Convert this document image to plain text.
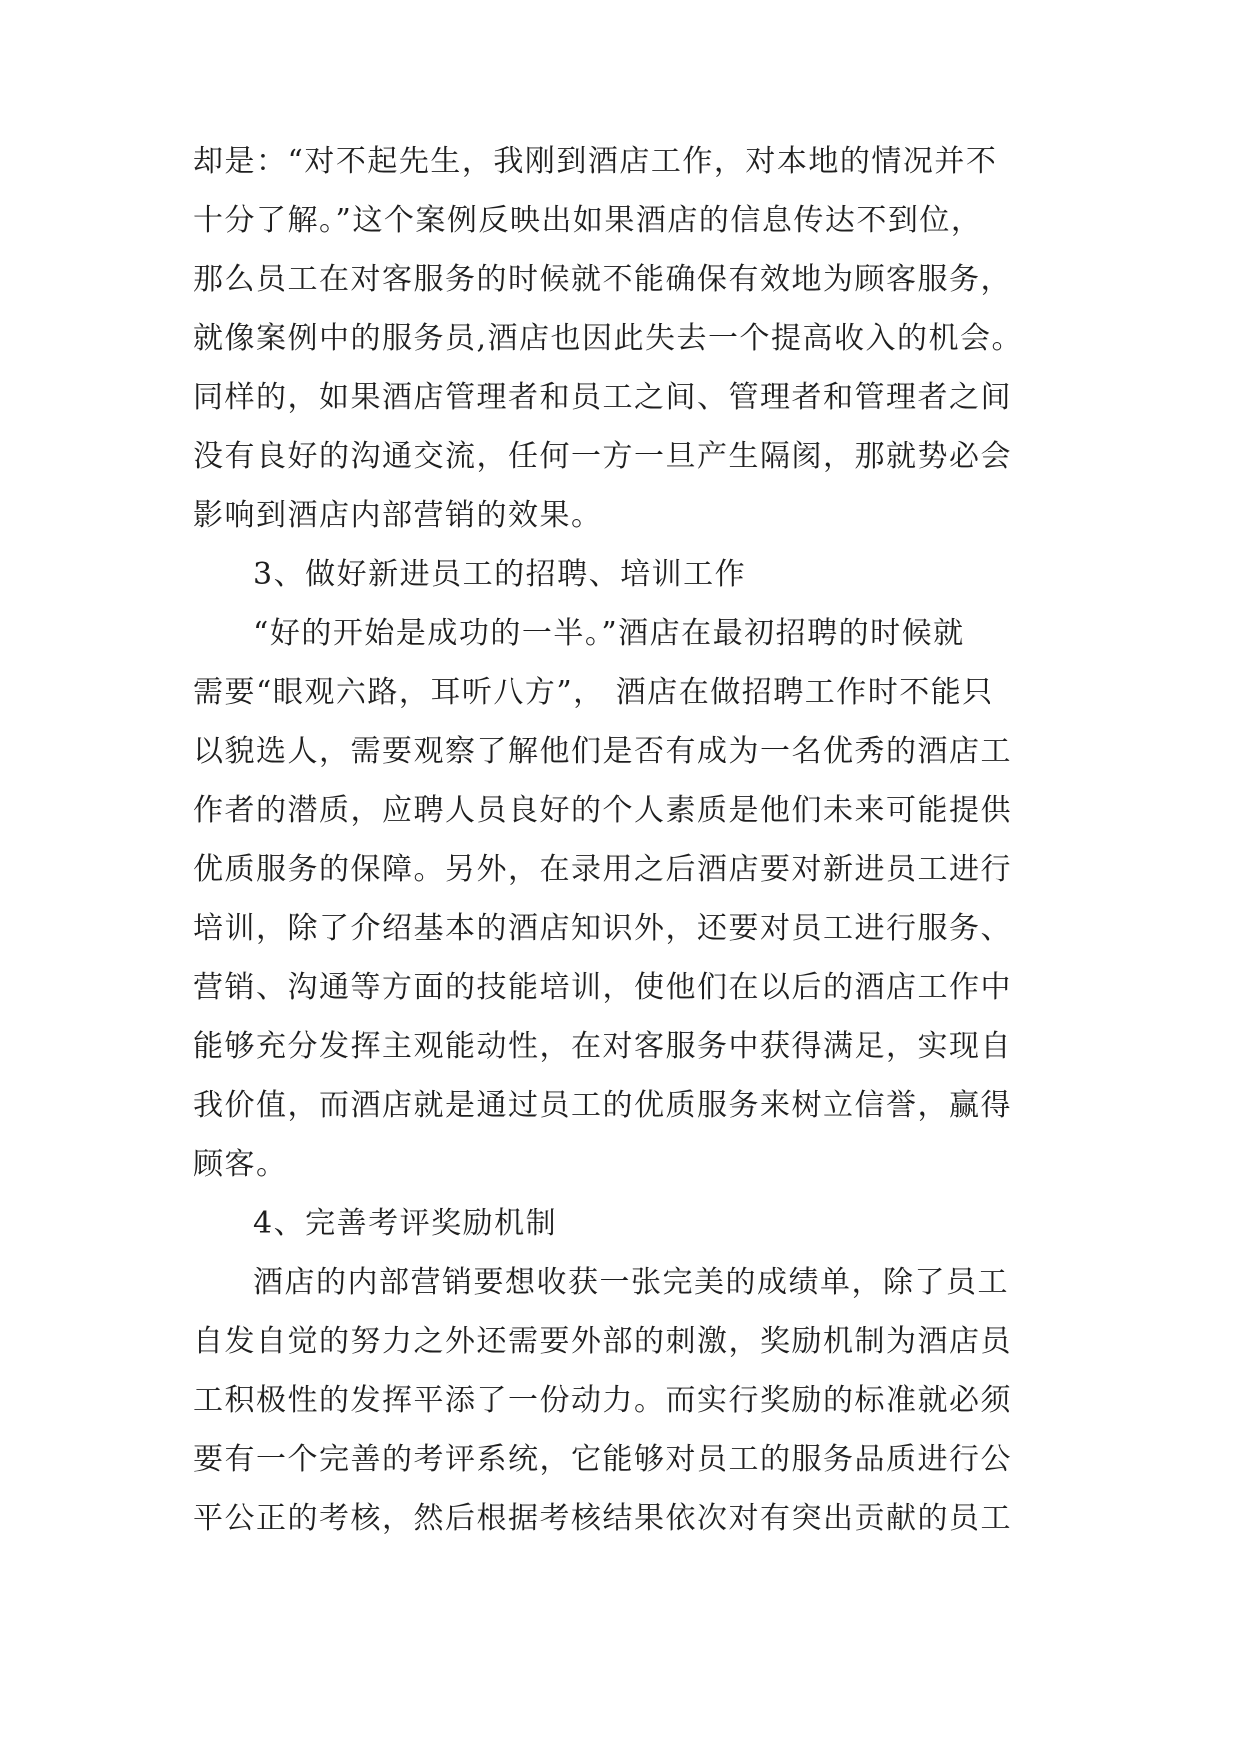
却是：“对不起先生，我刚到酒店工作，对本地的情况并不
十分了解。”这个案例反映出如果酒店的信息传达不到位，
那么员工在对客服务的时候就不能确保有效地为顾客服务，
就像案例中的服务员,酒店也因此失去一个提高收入的机会。
同样的，如果酒店管理者和员工之间、管理者和管理者之间
没有良好的沟通交流，任何一方一旦产生隔阂，那就势必会
影响到酒店内部营销的效果。
3、做好新进员工的招聘、培训工作
“好的开始是成功的一半。”酒店在最初招聘的时候就
需要“眼观六路，耳听八方”， 酒店在做招聘工作时不能只
以貌选人，需要观察了解他们是否有成为一名优秀的酒店工
作者的潜质，应聘人员良好的个人素质是他们未来可能提供
优质服务的保障。另外，在录用之后酒店要对新进员工进行
培训，除了介绍基本的酒店知识外，还要对员工进行服务、
营销、沟通等方面的技能培训，使他们在以后的酒店工作中
能够充分发挥主观能动性，在对客服务中获得满足，实现自
我价值，而酒店就是通过员工的优质服务来树立信誉，赢得
顾客。
4、完善考评奖励机制
酒店的内部营销要想收获一张完美的成绩单，除了员工
自发自觉的努力之外还需要外部的刺激，奖励机制为酒店员
工积极性的发挥平添了一份动力。而实行奖励的标准就必须
要有一个完善的考评系统，它能够对员工的服务品质进行公
平公正的考核，然后根据考核结果依次对有突出贡献的员工
